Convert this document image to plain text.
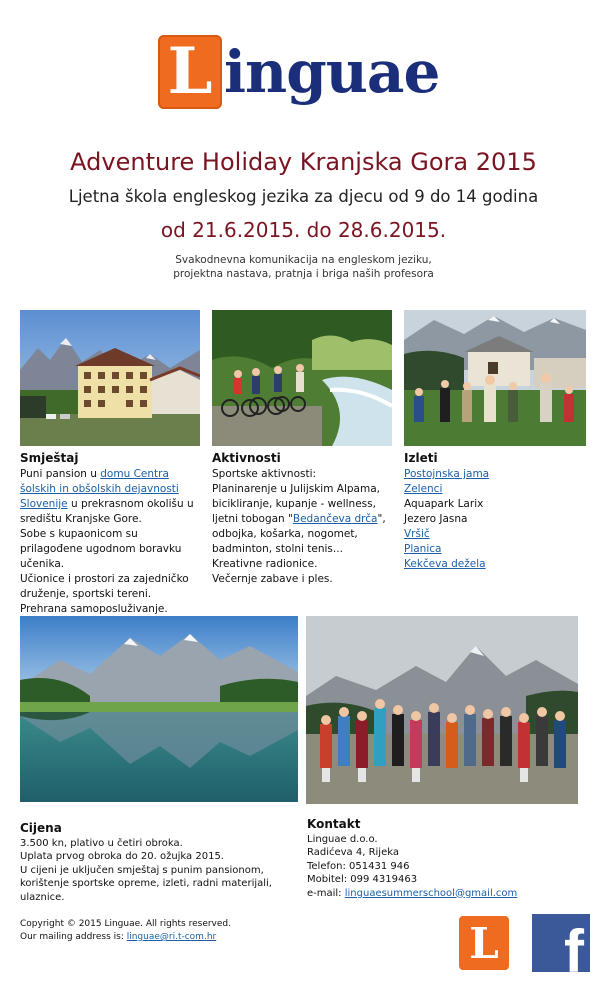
L inguae
Adventure Holiday Kranjska Gora 2015
Ljetna škola engleskog jezika za djecu od 9 do 14 godina
od 21.6.2015. do 28.6.2015.
Svakodnevna komunikacija na engleskom jeziku,
projektna nastava, pratnja i briga naših profesora
Smještaj

Puni pansion u domu Centra šolskih in obšolskih dejavnosti Slovenije u prekrasnom okolišu u središtu Kranjske Gore.

Sobe s kupaonicom su prilagođene ugodnom boravku učenika.

Učionice i prostori za zajedničko druženje, sportski tereni.

Prehrana samoposluživanje.

Aktivnosti

Sportske aktivnosti:

Planinarenje u Julijskim Alpama, bicikliranje, kupanje - wellness, ljetni tobogan "Bedančeva drča", odbojka, košarka, nogomet, badminton, stolni tenis...

Kreativne radionice.

Večernje zabave i ples.

Izleti

Postojnska jama

Zelenci

Aquapark Larix

Jezero Jasna

Vršič

Planica

Kekčeva dežela

Cijena

3.500 kn, plativo u četiri obroka.

Uplata prvog obroka do 20. ožujka 2015.

U cijeni je uključen smještaj s punim pansionom, korištenje sportske opreme, izleti, radni materijali, ulaznice.

Kontakt

Linguae d.o.o.

Radićeva 4, Rijeka

Telefon: 051431 946

Mobitel: 099 4319463

e-mail: linguaesummerschool@gmail.com

Copyright © 2015 Linguae. All rights reserved.
Our mailing address is: linguae@ri.t-com.hr	L f
